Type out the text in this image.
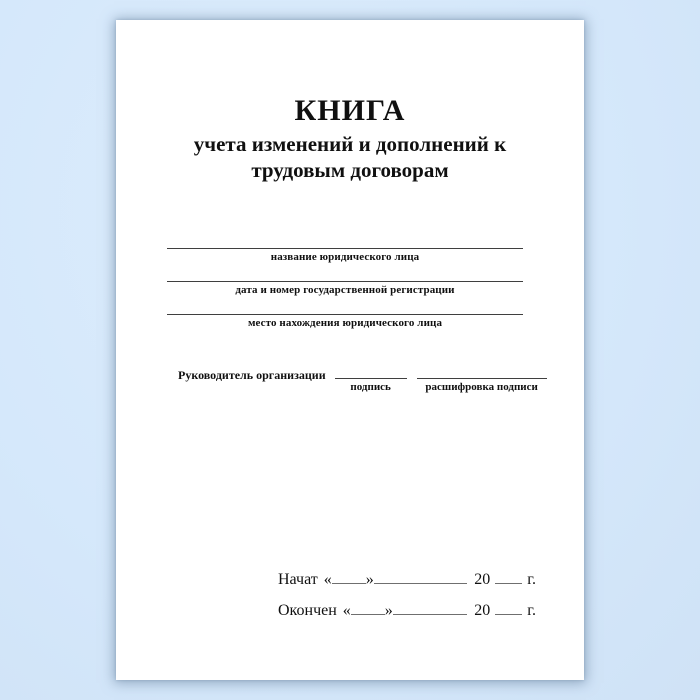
КНИГА
учета изменений и дополнений к
трудовым договорам
название юридического лица
дата и номер государственной регистрации
место нахождения юридического лица
Руководитель организации
подпись	расшифровка подписи
Начат « »	20 г.
Окончен « »	20 г.
